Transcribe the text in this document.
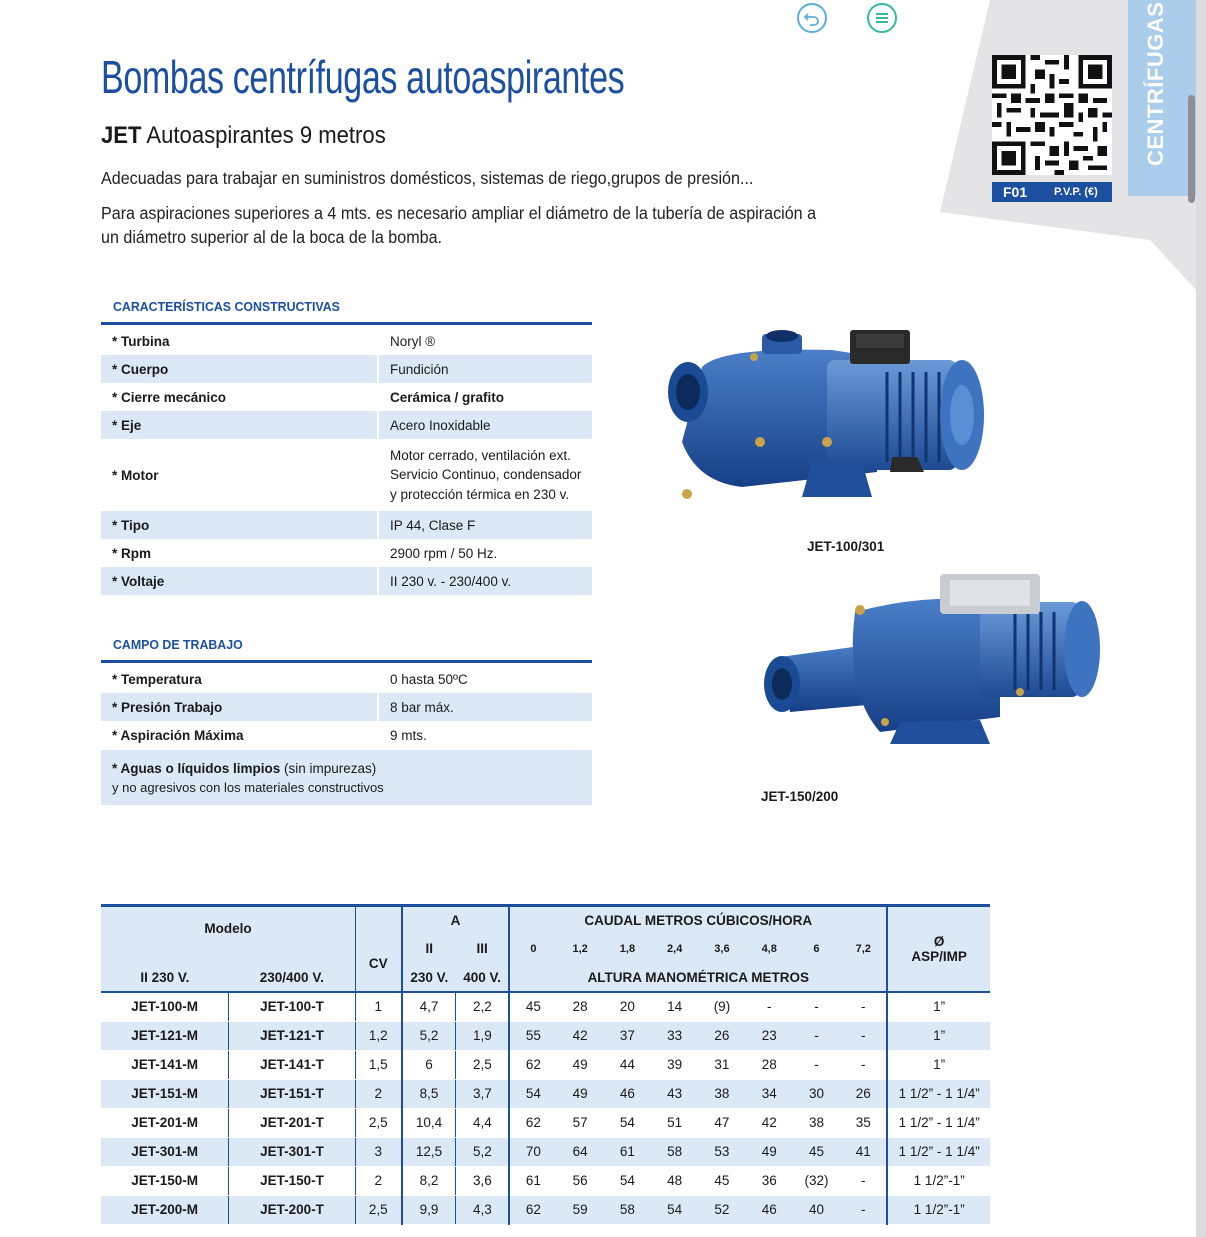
Bombas centrífugas autoaspirantes
JET Autoaspirantes 9 metros
Adecuadas para trabajar en suministros domésticos, sistemas de riego,grupos de presión...
Para aspiraciones superiores a 4 mts. es necesario ampliar el diámetro de la tubería de aspiración a un diámetro superior al de la boca de la bomba.
F01 P.V.P. (€)
CENTRÍFUGAS
CARACTERÍSTICAS CONSTRUCTIVAS
* Turbina	Noryl ®
* Cuerpo	Fundición
* Cierre mecánico	Cerámica / grafito
* Eje	Acero Inoxidable
* Motor	Motor cerrado, ventilación ext.
Servicio Continuo, condensador
y protección térmica en 230 v.

* Tipo	IP 44, Clase F
* Rpm	2900 rpm / 50 Hz.
* Voltaje	II 230 v. - 230/400 v.
CAMPO DE TRABAJO
* Temperatura	0 hasta 50ºC
* Presión Trabajo	8 bar máx.
* Aspiración Máxima	9 mts.
* Aguas o líquidos limpios (sin impurezas)
y no agresivos con los materiales constructivos
JET-100/301
JET-150/200
Modelo		CV	A		CAUDAL METROS CÚBICOS/HORA								Ø
ASP/IMP

			II	III	0	1,2	1,8	2,4	3,6	4,8	6	7,2	
II 230 V.	230/400 V.		230 V.	400 V.	ALTURA MANOMÉTRICA METROS								
JET-100-M	JET-100-T	1	4,7	2,2	45	28	20	14	(9)	-	-	-	1”
JET-121-M	JET-121-T	1,2	5,2	1,9	55	42	37	33	26	23	-	-	1”
JET-141-M	JET-141-T	1,5	6	2,5	62	49	44	39	31	28	-	-	1”
JET-151-M	JET-151-T	2	8,5	3,7	54	49	46	43	38	34	30	26	1 1/2” - 1 1/4”
JET-201-M	JET-201-T	2,5	10,4	4,4	62	57	54	51	47	42	38	35	1 1/2” - 1 1/4”
JET-301-M	JET-301-T	3	12,5	5,2	70	64	61	58	53	49	45	41	1 1/2” - 1 1/4”
JET-150-M	JET-150-T	2	8,2	3,6	61	56	54	48	45	36	(32)	-	1 1/2”-1”
JET-200-M	JET-200-T	2,5	9,9	4,3	62	59	58	54	52	46	40	-	1 1/2”-1”
